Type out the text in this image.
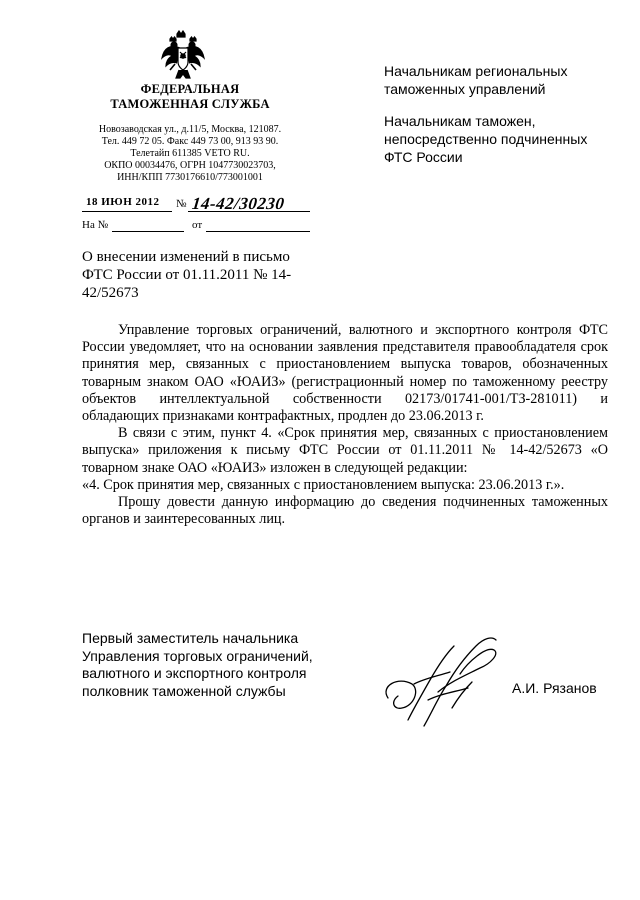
ФЕДЕРАЛЬНАЯ
ТАМОЖЕННАЯ СЛУЖБА
Новозаводская ул., д.11/5, Москва, 121087.
Тел. 449 72 05. Факс 449 73 00, 913 93 90.
Телетайп 611385 VETO RU.
ОКПО 00034476, ОГРН 1047730023703,
ИНН/КПП 7730176610/773001001
18 ИЮН 2012 № 14-42/30230
На №	от
Начальникам региональных
таможенных управлений
Начальникам таможен,
непосредственно подчиненных
ФТС России
О внесении изменений в письмо ФТС России от 01.11.2011 № 14-42/52673

Управление торговых ограничений, валютного и экспортного контроля ФТС России уведомляет, что на основании заявления представителя правообладателя срок принятия мер, связанных с приостановлением выпуска товаров, обозначенных товарным знаком ОАО «ЮАИЗ» (регистрационный номер по таможенному реестру объектов интеллектуальной собственности 02173/01741-001/ТЗ-281011) и обладающих признаками контрафактных, продлен до 23.06.2013 г.

В связи с этим, пункт 4. «Срок принятия мер, связанных с приостановлением выпуска» приложения к письму ФТС России от 01.11.2011 № 14-42/52673 «О товарном знаке ОАО «ЮАИЗ» изложен в следующей редакции:

«4. Срок принятия мер, связанных с приостановлением выпуска: 23.06.2013 г.».

Прошу довести данную информацию до сведения подчиненных таможенных органов и заинтересованных лиц.

Первый заместитель начальника
Управления торговых ограничений,
валютного и экспортного контроля
полковник таможенной службы	А.И. Рязанов
